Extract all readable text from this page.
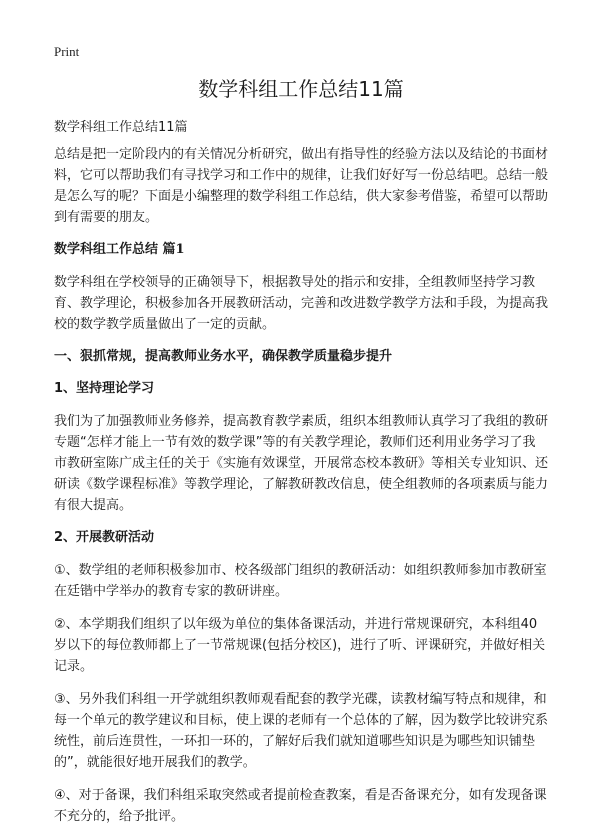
Print
数学科组工作总结11篇
数学科组工作总结11篇

总结是把一定阶段内的有关情况分析研究，做出有指导性的经验方法以及结论的书面材料，它可以帮助我们有寻找学习和工作中的规律，让我们好好写一份总结吧。总结一般是怎么写的呢？下面是小编整理的数学科组工作总结，供大家参考借鉴，希望可以帮助到有需要的朋友。

数学科组工作总结 篇1

数学科组在学校领导的正确领导下，根据教导处的指示和安排，全组教师坚持学习教育、教学理论，积极参加各开展教研活动，完善和改进数学教学方法和手段，为提高我校的数学教学质量做出了一定的贡献。

一、狠抓常规，提高教师业务水平，确保教学质量稳步提升
1、坚持理论学习

我们为了加强教师业务修养，提高教育教学素质，组织本组教师认真学习了我组的教研专题“怎样才能上一节有效的数学课”等的有关教学理论，教师们还利用业务学习了我市教研室陈广成主任的关于《实施有效课堂，开展常态校本教研》等相关专业知识、还研读《数学课程标准》等教学理论，了解教研教改信息，使全组教师的各项素质与能力有很大提高。

2、开展教研活动

①、数学组的老师积极参加市、校各级部门组织的教研活动：如组织教师参加市教研室在廷锴中学举办的教育专家的教研讲座。

②、本学期我们组织了以年级为单位的集体备课活动，并进行常规课研究，本科组40岁以下的每位教师都上了一节常规课(包括分校区)，进行了听、评课研究，并做好相关记录。

③、另外我们科组一开学就组织教师观看配套的教学光碟，读教材编写特点和规律，和每一个单元的教学建议和目标，使上课的老师有一个总体的了解，因为数学比较讲究系统性，前后连贯性，一环扣一环的，了解好后我们就知道哪些知识是为哪些知识铺垫的”，就能很好地开展我们的教学。

④、对于备课，我们科组采取突然或者提前检查教案，看是否备课充分，如有发现备课不充分的，给予批评。
